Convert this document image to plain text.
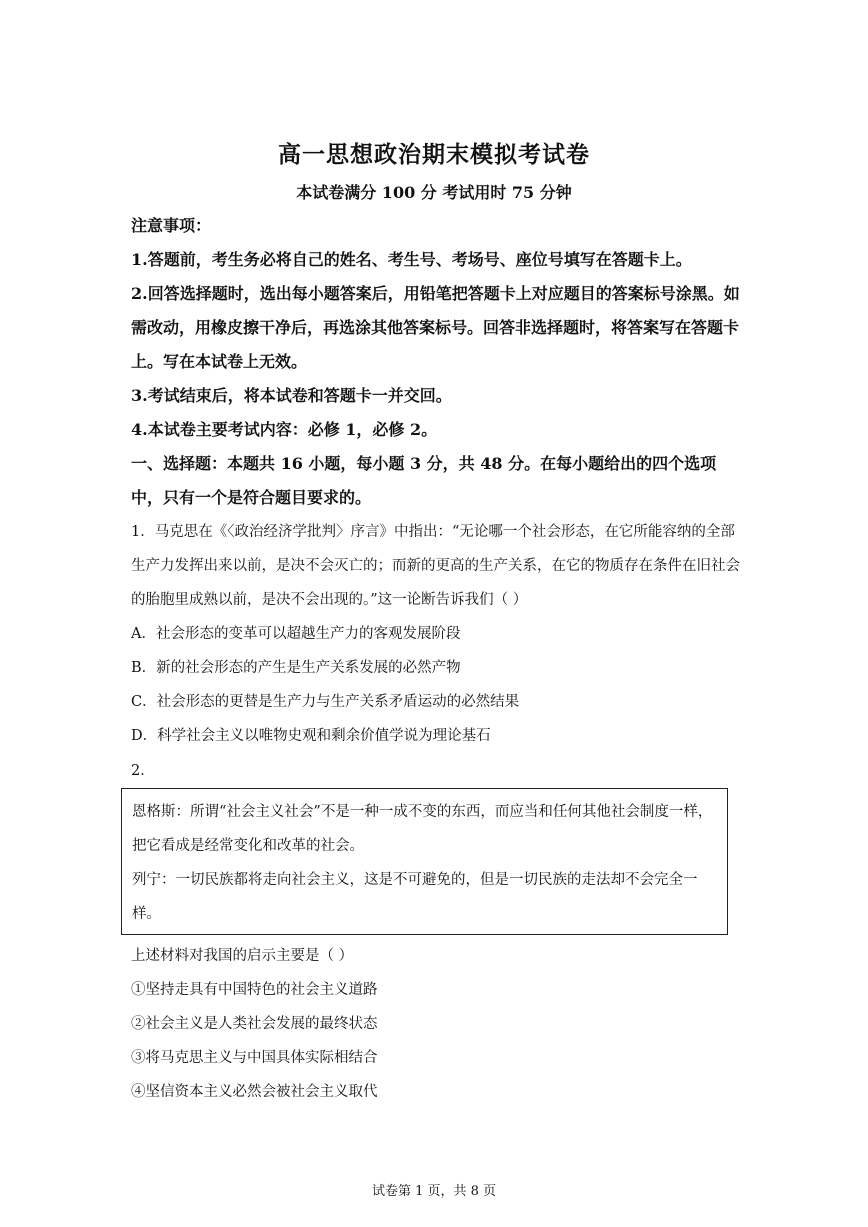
高一思想政治期末模拟考试卷
本试卷满分 100 分 考试用时 75 分钟
注意事项：
1.答题前，考生务必将自己的姓名、考生号、考场号、座位号填写在答题卡上。
2.回答选择题时，选出每小题答案后，用铅笔把答题卡上对应题目的答案标号涂黑。如需改动，用橡皮擦干净后，再选涂其他答案标号。回答非选择题时，将答案写在答题卡上。写在本试卷上无效。
3.考试结束后，将本试卷和答题卡一并交回。
4.本试卷主要考试内容：必修 1，必修 2。
一、选择题：本题共 16 小题，每小题 3 分，共 48 分。在每小题给出的四个选项中，只有一个是符合题目要求的。
1．马克思在《〈政治经济学批判〉序言》中指出：“无论哪一个社会形态，在它所能容纳的全部生产力发挥出来以前，是决不会灭亡的；而新的更高的生产关系，在它的物质存在条件在旧社会的胎胞里成熟以前，是决不会出现的。”这一论断告诉我们（ ）
A．社会形态的变革可以超越生产力的客观发展阶段
B．新的社会形态的产生是生产关系发展的必然产物
C．社会形态的更替是生产力与生产关系矛盾运动的必然结果
D．科学社会主义以唯物史观和剩余价值学说为理论基石
2．

恩格斯：所谓“社会主义社会”不是一种一成不变的东西，而应当和任何其他社会制度一样，把它看成是经常变化和改革的社会。

列宁：一切民族都将走向社会主义，这是不可避免的，但是一切民族的走法却不会完全一样。

上述材料对我国的启示主要是（ ）
①坚持走具有中国特色的社会主义道路
②社会主义是人类社会发展的最终状态
③将马克思主义与中国具体实际相结合
④坚信资本主义必然会被社会主义取代
试卷第 1 页，共 8 页
